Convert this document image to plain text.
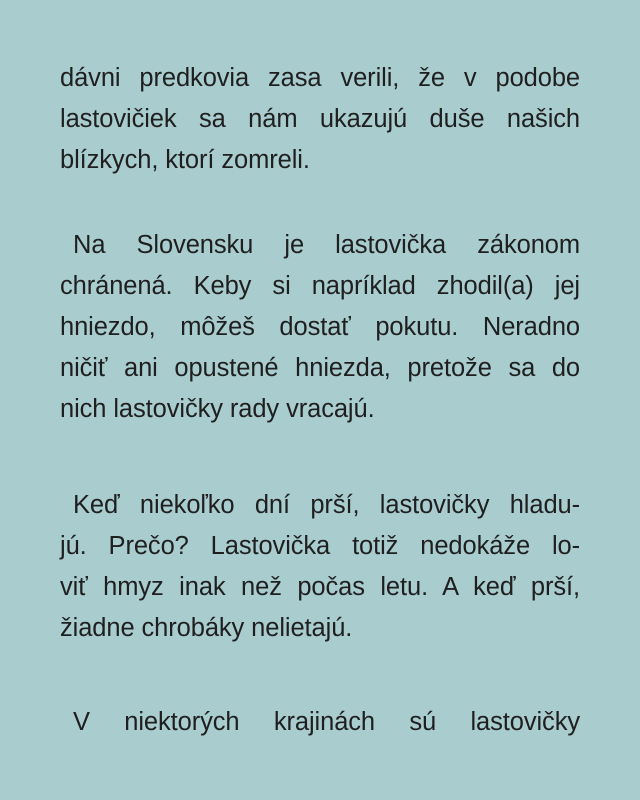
dávni predkovia zasa verili, že v podobe
lastovičiek sa nám ukazujú duše našich
blízkych, ktorí zomreli.
Na Slovensku je lastovička zákonom
chránená. Keby si napríklad zhodil(a) jej
hniezdo, môžeš dostať pokutu. Neradno
ničiť ani opustené hniezda, pretože sa do
nich lastovičky rady vracajú.
Keď niekoľko dní prší, lastovičky hladu-
jú. Prečo? Lastovička totiž nedokáže lo-
viť hmyz inak než počas letu. A keď prší,
žiadne chrobáky nelietajú.
V niektorých krajinách sú lastovičky
